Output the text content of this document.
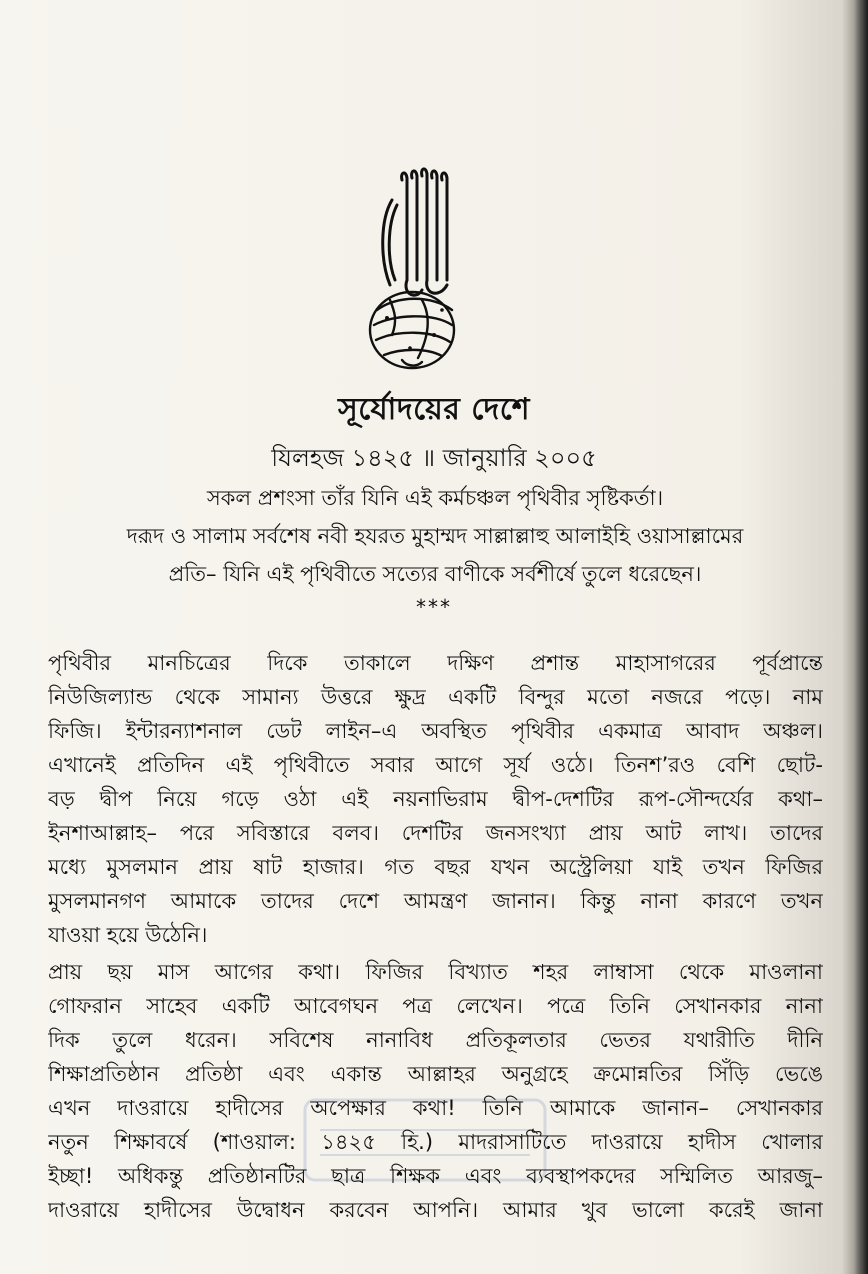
সূর্যোদয়ের দেশে
যিলহজ ১৪২৫ ॥ জানুয়ারি ২০০৫
সকল প্রশংসা তাঁর যিনি এই কর্মচঞ্চল পৃথিবীর সৃষ্টিকর্তা।
দরূদ ও সালাম সর্বশেষ নবী হযরত মুহাম্মদ সাল্লাল্লাহু আলাইহি ওয়াসাল্লামের
প্রতি– যিনি এই পৃথিবীতে সত্যের বাণীকে সর্বশীর্ষে তুলে ধরেছেন।
***
পৃথিবীর মানচিত্রের দিকে তাকালে দক্ষিণ প্রশান্ত মাহাসাগরের পূর্বপ্রান্তে
নিউজিল্যান্ড থেকে সামান্য উত্তরে ক্ষুদ্র একটি বিন্দুর মতো নজরে পড়ে। নাম
ফিজি। ইন্টারন্যাশনাল ডেট লাইন–এ অবস্থিত পৃথিবীর একমাত্র আবাদ অঞ্চল।
এখানেই প্রতিদিন এই পৃথিবীতে সবার আগে সূর্য ওঠে। তিনশ’রও বেশি ছোট-
বড় দ্বীপ নিয়ে গড়ে ওঠা এই নয়নাভিরাম দ্বীপ-দেশটির রূপ-সৌন্দর্যের কথা–
ইনশাআল্লাহ– পরে সবিস্তারে বলব। দেশটির জনসংখ্যা প্রায় আট লাখ। তাদের
মধ্যে মুসলমান প্রায় ষাট হাজার। গত বছর যখন অস্ট্রেলিয়া যাই তখন ফিজির
মুসলমানগণ আমাকে তাদের দেশে আমন্ত্রণ জানান। কিন্তু নানা কারণে তখন
যাওয়া হয়ে উঠেনি।
প্রায় ছয় মাস আগের কথা। ফিজির বিখ্যাত শহর লাম্বাসা থেকে মাওলানা
গোফরান সাহেব একটি আবেগঘন পত্র লেখেন। পত্রে তিনি সেখানকার নানা
দিক তুলে ধরেন। সবিশেষ নানাবিধ প্রতিকূলতার ভেতর যথারীতি দীনি
শিক্ষাপ্রতিষ্ঠান প্রতিষ্ঠা এবং একান্ত আল্লাহর অনুগ্রহে ক্রমোন্নতির সিঁড়ি ভেঙে
এখন দাওরায়ে হাদীসের অপেক্ষার কথা! তিনি আমাকে জানান– সেখানকার
নতুন শিক্ষাবর্ষে (শাওয়াল: ১৪২৫ হি.) মাদরাসাটিতে দাওরায়ে হাদীস খোলার
ইচ্ছা! অধিকন্তু প্রতিষ্ঠানটির ছাত্র শিক্ষক এবং ব্যবস্থাপকদের সম্মিলিত আরজু–
দাওরায়ে হাদীসের উদ্বোধন করবেন আপনি। আমার খুব ভালো করেই জানা
